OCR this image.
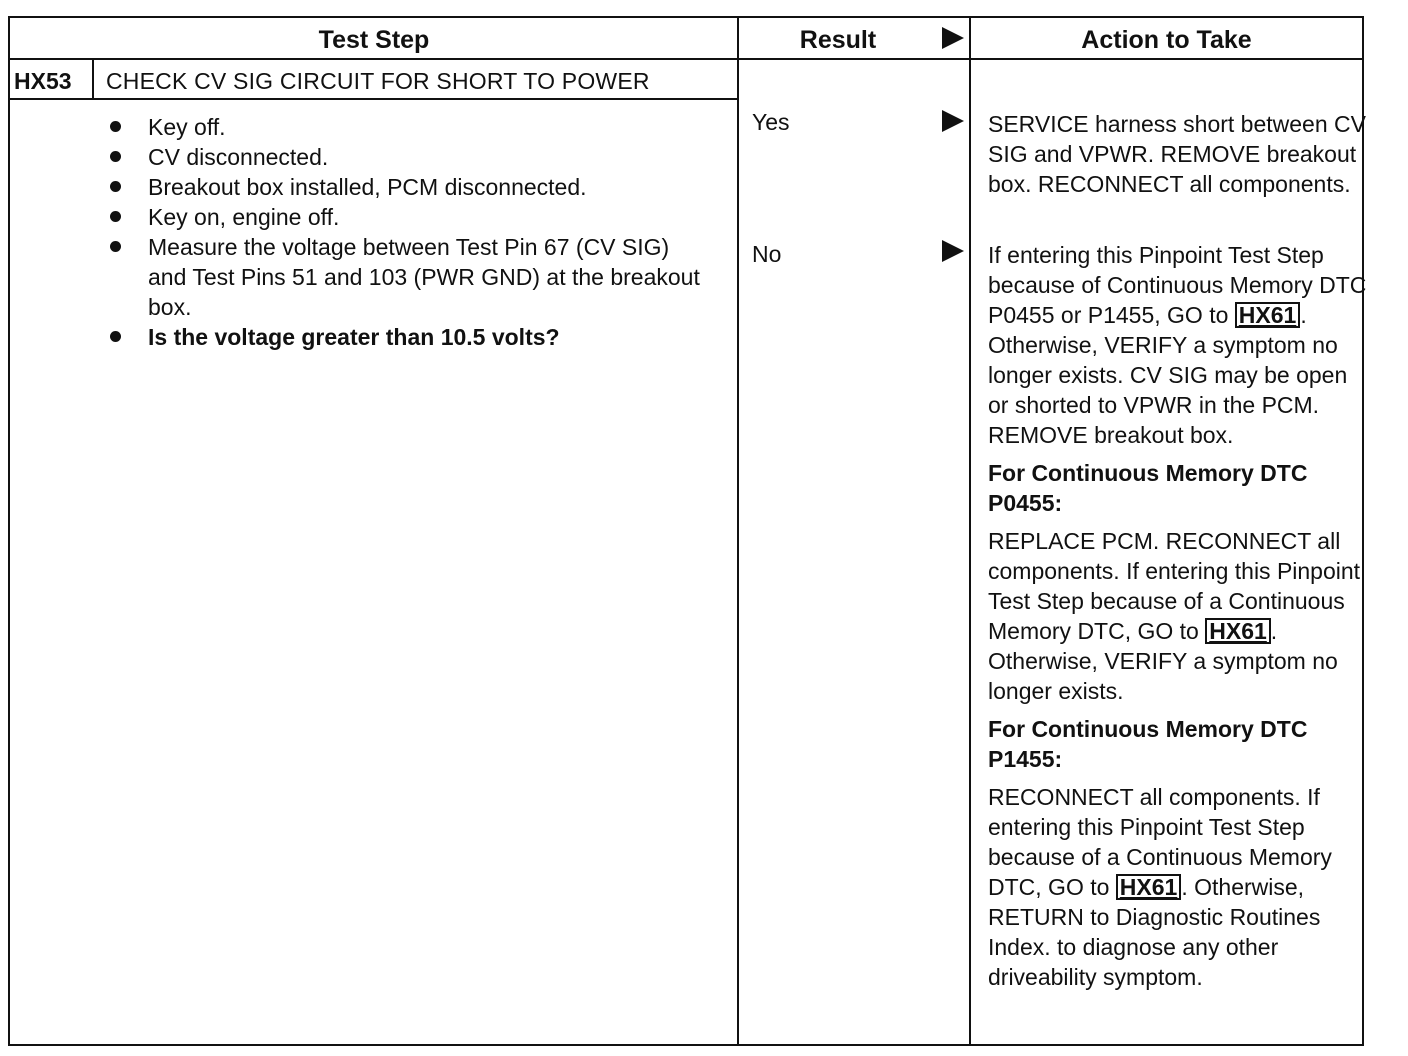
Test Step	Result	Action to Take
HX53 CHECK CV SIG CIRCUIT FOR SHORT TO POWER
Key off.
CV disconnected.
Breakout box installed, PCM disconnected.
Key on, engine off.
Measure the voltage between Test Pin 67 (CV SIG) and Test Pins 51 and 103 (PWR GND) at the breakout box.
Is the voltage greater than 10.5 volts?
Yes
No

SERVICE harness short between CV SIG and VPWR. REMOVE breakout box. RECONNECT all components.

If entering this Pinpoint Test Step because of Continuous Memory DTC P0455 or P1455, GO to HX61 . Otherwise, VERIFY a symptom no longer exists. CV SIG may be open or shorted to VPWR in the PCM. REMOVE breakout box.

For Continuous Memory DTC P0455:

REPLACE PCM. RECONNECT all components. If entering this Pinpoint Test Step because of a Continuous Memory DTC, GO to HX61 . Otherwise, VERIFY a symptom no longer exists.

For Continuous Memory DTC P1455:

RECONNECT all components. If entering this Pinpoint Test Step because of a Continuous Memory DTC, GO to HX61 . Otherwise, RETURN to Diagnostic Routines Index. to diagnose any other driveability symptom.
